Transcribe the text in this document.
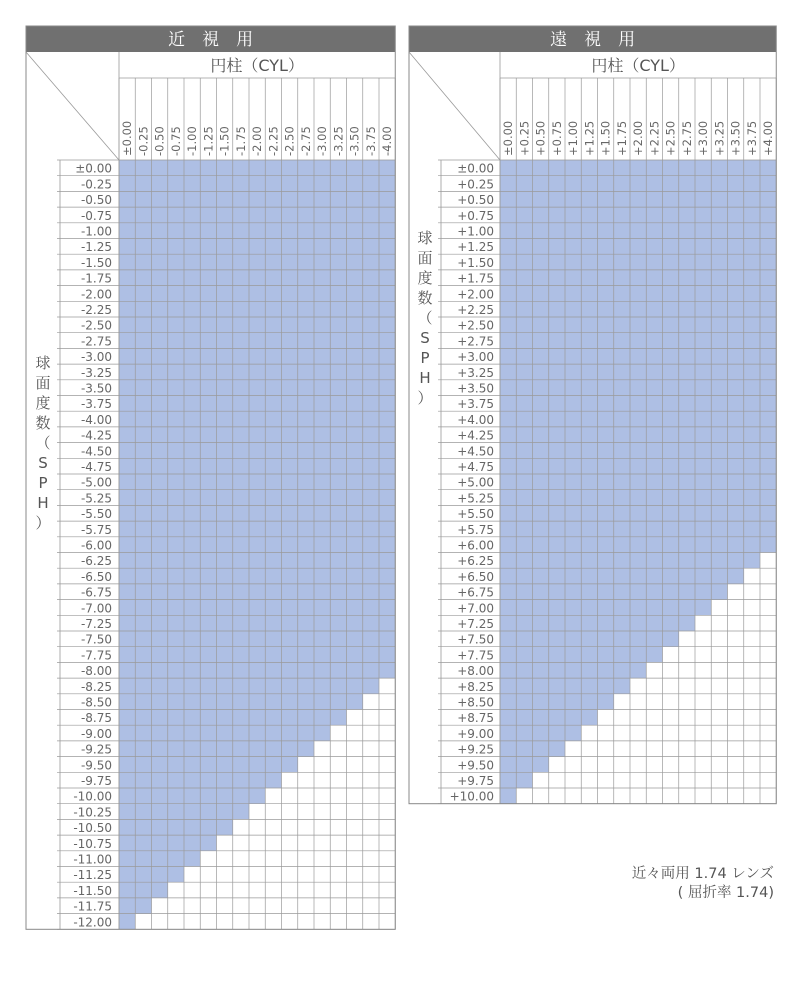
近　視　用
円柱（CYL）
±0.00 -0.25 -0.50 -0.75 -1.00 -1.25 -1.50 -1.75 -2.00 -2.25 -2.50 -2.75 -3.00 -3.25 -3.50 -3.75 -4.00
±0.00
-0.25
-0.50
-0.75
-1.00
-1.25
-1.50
-1.75
-2.00
-2.25
-2.50
-2.75
-3.00
-3.25
-3.50
-3.75
-4.00
-4.25
-4.50
-4.75
-5.00
-5.25
-5.50
-5.75
-6.00
-6.25
-6.50
-6.75
-7.00
-7.25
-7.50
-7.75
-8.00
-8.25
-8.50
-8.75
-9.00
-9.25
-9.50
-9.75
-10.00
-10.25
-10.50
-10.75
-11.00
-11.25
-11.50
-11.75
-12.00
球
面
度
数
（
S
P
H
）
遠　視　用
円柱（CYL）
±0.00 +0.25 +0.50 +0.75 +1.00 +1.25 +1.50 +1.75 +2.00 +2.25 +2.50 +2.75 +3.00 +3.25 +3.50 +3.75 +4.00
±0.00
+0.25
+0.50
+0.75
+1.00
+1.25
+1.50
+1.75
+2.00
+2.25
+2.50
+2.75
+3.00
+3.25
+3.50
+3.75
+4.00
+4.25
+4.50
+4.75
+5.00
+5.25
+5.50
+5.75
+6.00
+6.25
+6.50
+6.75
+7.00
+7.25
+7.50
+7.75
+8.00
+8.25
+8.50
+8.75
+9.00
+9.25
+9.50
+9.75
+10.00
球
面
度
数
（
S
P
H
）
近々両用 1.74 レンズ
( 屈折率 1.74)
